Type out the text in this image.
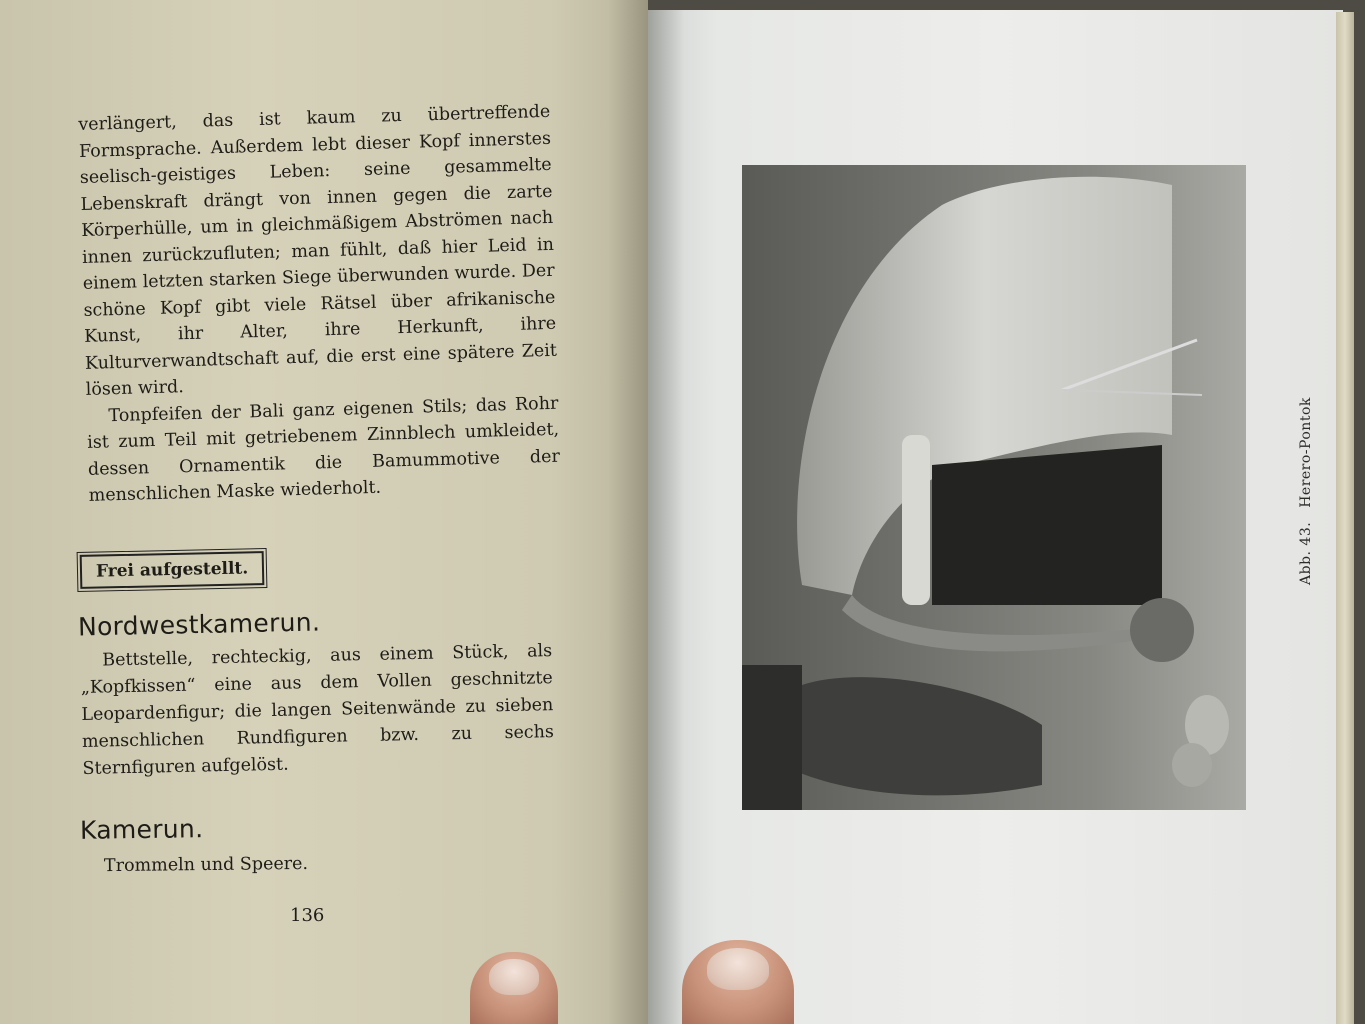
verlängert, das ist kaum zu übertreffende Formsprache. Außerdem lebt dieser Kopf innerstes seelisch-geistiges Leben: seine gesammelte Lebenskraft drängt von innen gegen die zarte Körperhülle, um in gleichmäßigem Abströmen nach innen zurückzufluten; man fühlt, daß hier Leid in einem letzten starken Siege überwunden wurde. Der schöne Kopf gibt viele Rätsel über afrikanische Kunst, ihr Alter, ihre Herkunft, ihre Kulturverwandtschaft auf, die erst eine spätere Zeit lösen wird.

Tonpfeifen der Bali ganz eigenen Stils; das Rohr ist zum Teil mit getriebenem Zinnblech umkleidet, dessen Ornamentik die Bamummotive der menschlichen Maske wiederholt.

Frei aufgestellt.
Nordwestkamerun.
Bettstelle, rechteckig, aus einem Stück, als „Kopfkissen“ eine aus dem Vollen geschnitzte Leopardenfigur; die langen Seitenwände zu sieben menschlichen Rundfiguren bzw. zu sechs Sternfiguren aufgelöst.
Kamerun.
Trommeln und Speere.
136
Abb. 43.Herero-Pontok
